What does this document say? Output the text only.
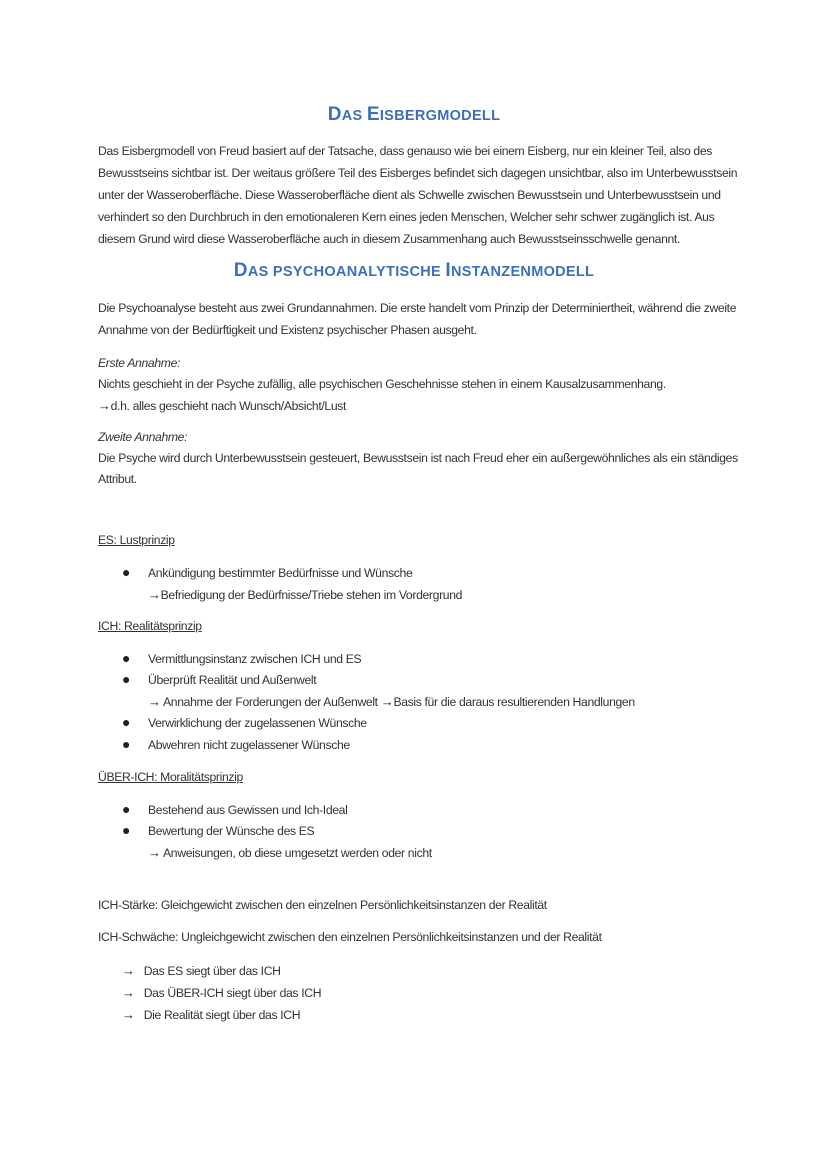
DAS EISBERGMODELL
Das Eisbergmodell von Freud basiert auf der Tatsache, dass genauso wie bei einem Eisberg, nur ein kleiner Teil, also des
Bewusstseins sichtbar ist. Der weitaus größere Teil des Eisberges befindet sich dagegen unsichtbar, also im Unterbewusstsein
unter der Wasseroberfläche. Diese Wasseroberfläche dient als Schwelle zwischen Bewusstsein und Unterbewusstsein und
verhindert so den Durchbruch in den emotionaleren Kern eines jeden Menschen, Welcher sehr schwer zugänglich ist. Aus
diesem Grund wird diese Wasseroberfläche auch in diesem Zusammenhang auch Bewusstseinsschwelle genannt.
DAS PSYCHOANALYTISCHE INSTANZENMODELL
Die Psychoanalyse besteht aus zwei Grundannahmen. Die erste handelt vom Prinzip der Determiniertheit, während die zweite
Annahme von der Bedürftigkeit und Existenz psychischer Phasen ausgeht.
Erste Annahme:
Nichts geschieht in der Psyche zufällig, alle psychischen Geschehnisse stehen in einem Kausalzusammenhang.
→d.h. alles geschieht nach Wunsch/Absicht/Lust
Zweite Annahme:
Die Psyche wird durch Unterbewusstsein gesteuert, Bewusstsein ist nach Freud eher ein außergewöhnliches als ein ständiges
Attribut.
ES: Lustprinzip
● Ankündigung bestimmter Bedürfnisse und Wünsche
→Befriedigung der Bedürfnisse/Triebe stehen im Vordergrund
ICH: Realitätsprinzip
● Vermittlungsinstanz zwischen ICH und ES
● Überprüft Realität und Außenwelt
→ Annahme der Forderungen der Außenwelt →Basis für die daraus resultierenden Handlungen
● Verwirklichung der zugelassenen Wünsche
● Abwehren nicht zugelassener Wünsche
ÜBER-ICH: Moralitätsprinzip
● Bestehend aus Gewissen und Ich-Ideal
● Bewertung der Wünsche des ES
→ Anweisungen, ob diese umgesetzt werden oder nicht
ICH-Stärke: Gleichgewicht zwischen den einzelnen Persönlichkeitsinstanzen der Realität
ICH-Schwäche: Ungleichgewicht zwischen den einzelnen Persönlichkeitsinstanzen und der Realität
→ Das ES siegt über das ICH
→ Das ÜBER-ICH siegt über das ICH
→ Die Realität siegt über das ICH
